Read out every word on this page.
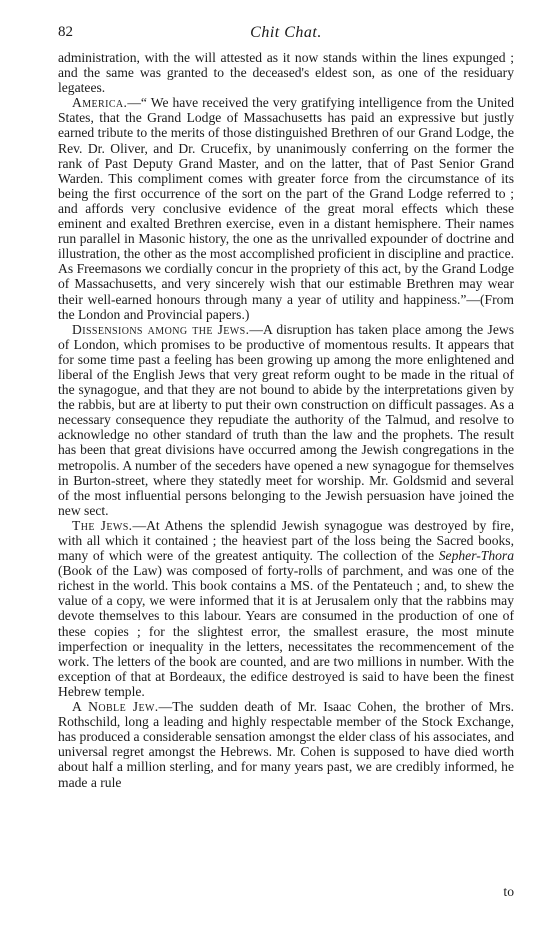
82	Chit Chat.

administration, with the will attested as it now stands within the lines expunged ; and the same was granted to the deceased's eldest son, as one of the residuary legatees.

America.—“ We have received the very gratifying intelligence from the United States, that the Grand Lodge of Massachusetts has paid an expressive but justly earned tribute to the merits of those distinguished Brethren of our Grand Lodge, the Rev. Dr. Oliver, and Dr. Crucefix, by unanimously conferring on the former the rank of Past Deputy Grand Master, and on the latter, that of Past Senior Grand Warden. This compliment comes with greater force from the circumstance of its being the first occurrence of the sort on the part of the Grand Lodge referred to ; and affords very conclusive evidence of the great moral effects which these eminent and exalted Brethren exercise, even in a distant hemisphere. Their names run parallel in Masonic history, the one as the unrivalled expounder of doctrine and illustration, the other as the most accomplished proficient in discipline and practice. As Freemasons we cordially concur in the propriety of this act, by the Grand Lodge of Massachusetts, and very sincerely wish that our estimable Brethren may wear their well-earned honours through many a year of utility and happiness.”—(From the London and Provincial papers.)

Dissensions among the Jews.—A disruption has taken place among the Jews of London, which promises to be productive of momentous results. It appears that for some time past a feeling has been growing up among the more enlightened and liberal of the English Jews that very great reform ought to be made in the ritual of the synagogue, and that they are not bound to abide by the interpretations given by the rabbis, but are at liberty to put their own construction on difficult passages. As a necessary consequence they repudiate the authority of the Talmud, and resolve to acknowledge no other standard of truth than the law and the prophets. The result has been that great divisions have occurred among the Jewish congregations in the metropolis. A number of the seceders have opened a new synagogue for themselves in Burton-street, where they statedly meet for worship. Mr. Goldsmid and several of the most influential persons belonging to the Jewish persuasion have joined the new sect.

The Jews.—At Athens the splendid Jewish synagogue was destroyed by fire, with all which it contained ; the heaviest part of the loss being the Sacred books, many of which were of the greatest antiquity. The collection of the Sepher-Thora (Book of the Law) was composed of forty-rolls of parchment, and was one of the richest in the world. This book contains a MS. of the Pentateuch ; and, to shew the value of a copy, we were informed that it is at Jerusalem only that the rabbins may devote themselves to this labour. Years are consumed in the production of one of these copies ; for the slightest error, the smallest erasure, the most minute imperfection or inequality in the letters, necessitates the recommencement of the work. The letters of the book are counted, and are two millions in number. With the exception of that at Bordeaux, the edifice destroyed is said to have been the finest Hebrew temple.

A Noble Jew.—The sudden death of Mr. Isaac Cohen, the brother of Mrs. Rothschild, long a leading and highly respectable member of the Stock Exchange, has produced a considerable sensation amongst the elder class of his associates, and universal regret amongst the Hebrews. Mr. Cohen is supposed to have died worth about half a million sterling, and for many years past, we are credibly informed, he made a rule

to
